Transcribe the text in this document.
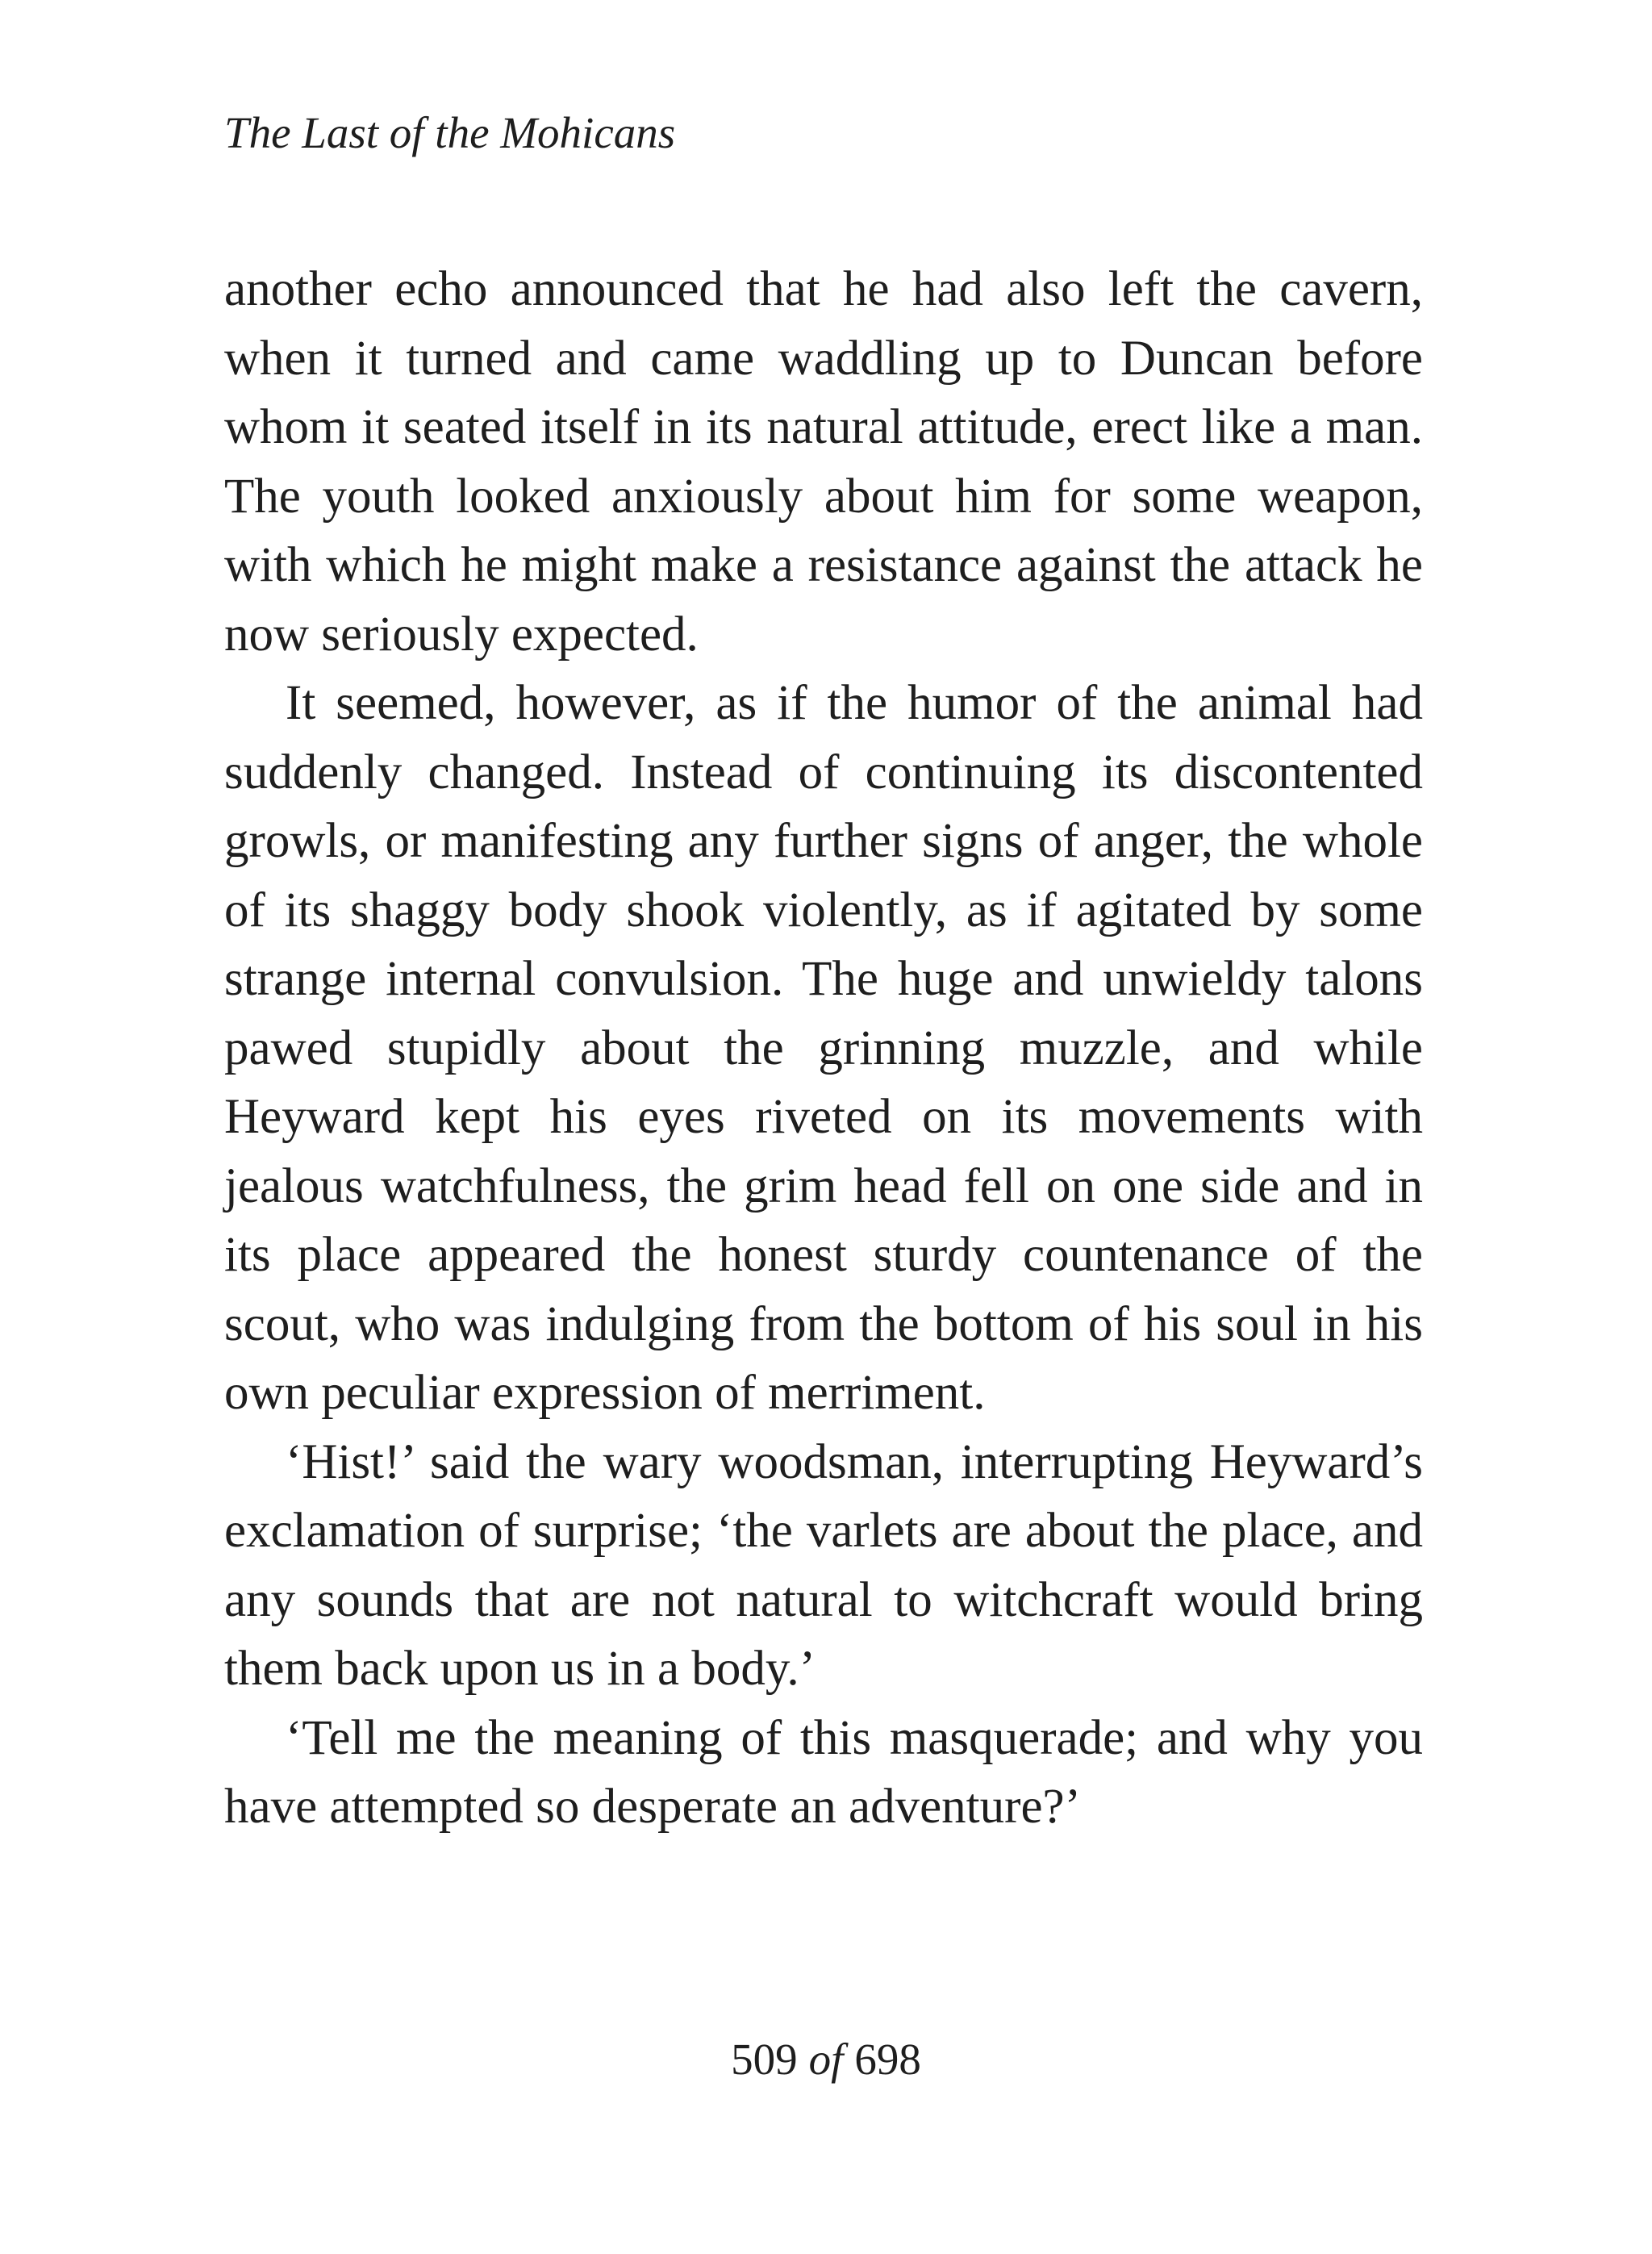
The Last of the Mohicans

another echo announced that he had also left the cavern, when it turned and came waddling up to Duncan before whom it seated itself in its natural attitude, erect like a man. The youth looked anxiously about him for some weapon, with which he might make a resistance against the attack he now seriously expected.

It seemed, however, as if the humor of the animal had suddenly changed. Instead of continuing its discontented growls, or manifesting any further signs of anger, the whole of its shaggy body shook violently, as if agitated by some strange internal convulsion. The huge and unwieldy talons pawed stupidly about the grinning muzzle, and while Heyward kept his eyes riveted on its movements with jealous watchfulness, the grim head fell on one side and in its place appeared the honest sturdy countenance of the scout, who was indulging from the bottom of his soul in his own peculiar expression of merriment.

‘Hist!’ said the wary woodsman, interrupting Heyward’s exclamation of surprise; ‘the varlets are about the place, and any sounds that are not natural to witchcraft would bring them back upon us in a body.’

‘Tell me the meaning of this masquerade; and why you have attempted so desperate an adventure?’

509 of 698
